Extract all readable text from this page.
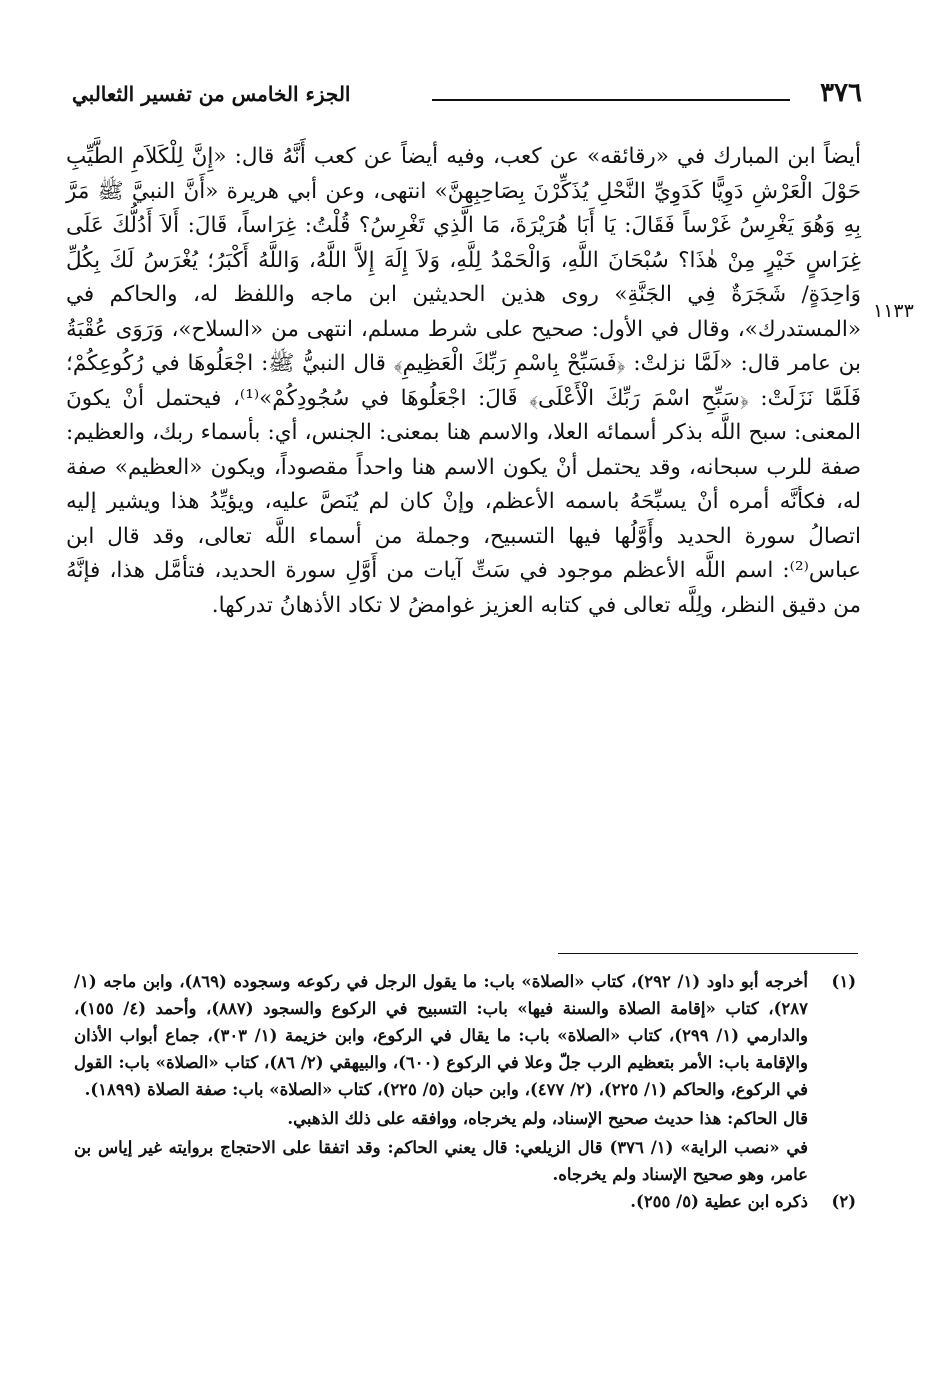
٣٧٦
الجزء الخامس من تفسير الثعالبي
١١٣٣

أيضاً ابن المبارك في «رقائقه» عن كعب، وفيه أيضاً عن كعب أَنَّهُ قال: «إِنَّ لِلْكَلاَمِ الطَّيِّبِ حَوْلَ الْعَرْشِ دَوِيًّا كَدَوِيِّ النَّحْلِ يُذَكِّرْنَ بِصَاحِبِهِنَّ» انتهى، وعن أبي هريرة «أَنَّ النبيَّ ﷺ مَرَّ بِهِ وَهُوَ يَغْرِسُ غَرْساً فَقَالَ: يَا أَبَا هُرَيْرَةَ، مَا الَّذِي تَغْرِسُ؟ قُلْتُ: غِرَاساً، قَالَ: أَلاَ أَدُلُّكَ عَلَى غِرَاسٍ خَيْرٍ مِنْ هٰذَا؟ سُبْحَانَ اللَّهِ، وَالْحَمْدُ لِلَّهِ، وَلاَ إِلَهَ إِلاَّ اللَّهُ، وَاللَّهُ أَكْبَرُ؛ يُغْرَسُ لَكَ بِكُلِّ وَاحِدَةٍ/ شَجَرَةٌ فِي الجَنَّةِ» روى هذين الحديثين ابن ماجه واللفظ له، والحاكم في «المستدرك»، وقال في الأول: صحيح على شرط مسلم، انتهى من «السلاح»، وَرَوَى عُقْبَةُ بن عامر قال: «لَمَّا نزلتْ: ﴿فَسَبِّحْ بِاسْمِ رَبِّكَ الْعَظِيمِ﴾ قال النبيُّ ﷺ: اجْعَلُوهَا في رُكُوعِكُمْ؛ فَلَمَّا نَزَلَتْ: ﴿سَبِّحِ اسْمَ رَبِّكَ الْأَعْلَى﴾ قَالَ: اجْعَلُوهَا في سُجُودِكُمْ»⁽¹⁾، فيحتمل أنْ يكونَ المعنى: سبح اللَّه بذكر أسمائه العلا، والاسم هنا بمعنى: الجنس، أي: بأسماء ربك، والعظيم: صفة للرب سبحانه، وقد يحتمل أنْ يكون الاسم هنا واحداً مقصوداً، ويكون «العظيم» صفة له، فكأنَّه أمره أنْ يسبِّحَهُ باسمه الأعظم، وإنْ كان لم يُنَصَّ عليه، ويؤيِّدُ هذا ويشير إليه اتصالُ سورة الحديد وأَوَّلُها فيها التسبيح، وجملة من أسماء اللَّه تعالى، وقد قال ابن عباس⁽²⁾: اسم اللَّه الأعظم موجود في سَتِّ آيات من أَوَّلِ سورة الحديد، فتأمَّل هذا، فإنَّهُ من دقيق النظر، ولِلَّه تعالى في كتابه العزيز غوامضُ لا تكاد الأذهانُ تدركها.

(١)

أخرجه أبو داود (١/ ٢٩٢)، كتاب «الصلاة» باب: ما يقول الرجل في ركوعه وسجوده (٨٦٩)، وابن ماجه (١/ ٢٨٧)، كتاب «إقامة الصلاة والسنة فيها» باب: التسبيح في الركوع والسجود (٨٨٧)، وأحمد (٤/ ١٥٥)، والدارمي (١/ ٢٩٩)، كتاب «الصلاة» باب: ما يقال في الركوع، وابن خزيمة (١/ ٣٠٣)، جماع أبواب الأذان والإقامة باب: الأمر بتعظيم الرب جلّ وعلا في الركوع (٦٠٠)، والبيهقي (٢/ ٨٦)، كتاب «الصلاة» باب: القول في الركوع، والحاكم (١/ ٢٢٥)، (٢/ ٤٧٧)، وابن حبان (٥/ ٢٢٥)، كتاب «الصلاة» باب: صفة الصلاة (١٨٩٩).

قال الحاكم: هذا حديث صحيح الإسناد، ولم يخرجاه، ووافقه على ذلك الذهبي.

في «نصب الراية» (١/ ٣٧٦) قال الزيلعي: قال يعني الحاكم: وقد اتفقا على الاحتجاج بروايته غير إياس بن عامر، وهو صحيح الإسناد ولم يخرجاه.

(٢)

ذكره ابن عطية (٥/ ٢٥٥).
